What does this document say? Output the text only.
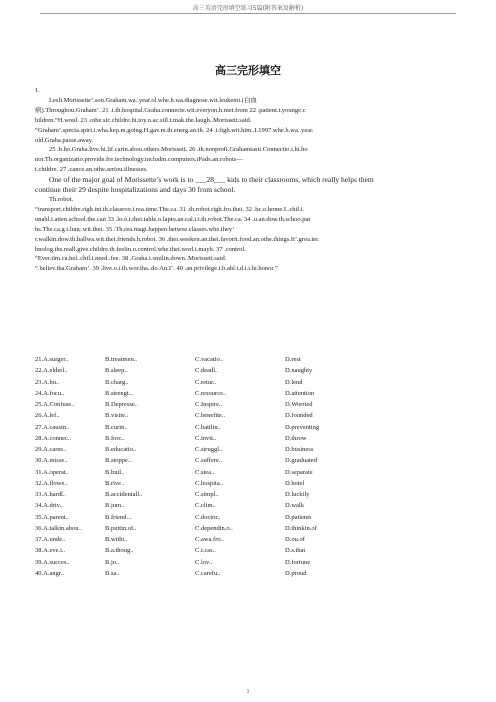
高三英语完形填空练习5篇(附答案及解析)
高三完形填空

1.

Lesli.Morissette’.son.Graham.wa..year.ol.whe.h.wa.diagnose.wit.leukemi.(白血

病).Throughou.Graham’. 21 .i.th.hospital.Graha.connecte.wit.everyon.h.met.from 22 .patient.t.younge.c

hildren.“H.woul. 23 .othe.sic.childre.hi.toy.o.ac.sill.t.mak.the.laugh..Morissett.said.

“Graham’.specia.spiri.i.wha.kep.m.going.H.gav.m.th.energ.an.th. 24 .t.figh.wit.him..I.1997.whe.h.wa..year.

old.Graha.passe.away.

25 .b.ho.Graha.live.hi.lif.carin.abou.others.Morissett. 26 .th.nonprofi.Grahamtasti.Connectio.i.hi.ho

nor.Th.organizatio.provide.fre.technology.includin.computers.iPads.an.robots—

t.childre. 27 .cance.an.othe.seriou.illnesses.

One of the major goal of Morissette’s work is to ___28___ kids to their classrooms, which really helps them

continue their 29 despite hospitalizations and days 30 from school.

Th.robot.

“transport.childre.righ.int.th.classroo.i.rea.time.The.ca. 31 .th.robot.righ.fro.thei. 32 .bc.o.home.I..chil.i.

unabl.t.atten.school.the.can 33 .lo.o.t.thei.table.o.lapto.an.cal.i.t.th.robot.The.ca. 34 .u.an.dow.th.schoo.pat

hs.The.ca.g.t.lunc.wit.thei. 35 .Th.rea.magi.happen.betwee.classes.whe.they’

r.walkin.dow.th.hallwa.wit.thei.friends.h.robot. 36 .thei.weeken.an.thei.favorit.food.an.othe.things.It’.grea.tec

hnolog.ths.reall.give.childre.th.feelin.o.control.whe.thei.worl.i.mayb. 37 .control.

“Ever.tim.ca.hel..chil.i.need..fee. 38 .Graha.i.smilin.down..Morissett.said.

“.believ.tha.Graham’. 39 .live.o.i.th.wor.tha..do.An.I’. 40 .an.privilege.t.b.abl.t.d.i.i.hi.honor.”

21.A.surger..	B.treatmen..	C.vacatio..	D.rest
22.A.elderl..	B.sleep..	C.deadl..	D.naughty
23.A.bu..	B.charg..	C.retur..	D.lend
24.A.focu..	B.strengt...	C.resource..	D.attention
25.A.Confuse..	B.Depresse..	C.Inspire..	D.Worried
26.A.lef..	B.visite..	C.benefite..	D.founded
27.A.causin..	B.curin..	C.battlin..	D.preventing
28.A.connec..	B.forc..	C.invit..	D.throw
29.A.caree..	B.educatio..	C.struggl..	D.business
30.A.misse..	B.stoppe..	C.suffere..	D.graduated
31.A.operat..	B.buil..	C.stea..	D.separate
32.A.flowe..	B.rive..	C.hospita..	D.hotel
33.A.hardl..	B.accidentall..	C.simpl..	D.luckily
34.A.driv..	B.jum..	C.clim..	D.walk
35.A.parent..	B.friend...	C.doctor..	D.patients
36.A.talkin.abou..	B.puttin.of..	C.dependin.o..	D.thinkin.of
37.A.unde..	B.withi..	C.awa.fro..	D.ou.of
38.A.eve.i..	B.a.thoug..	C.i.cas..	D.s.that
39.A.succes..	B.jo..	C.lov..	D.fortune
40.A.angr..	B.sa..	C.carefu..	D.proud
1
